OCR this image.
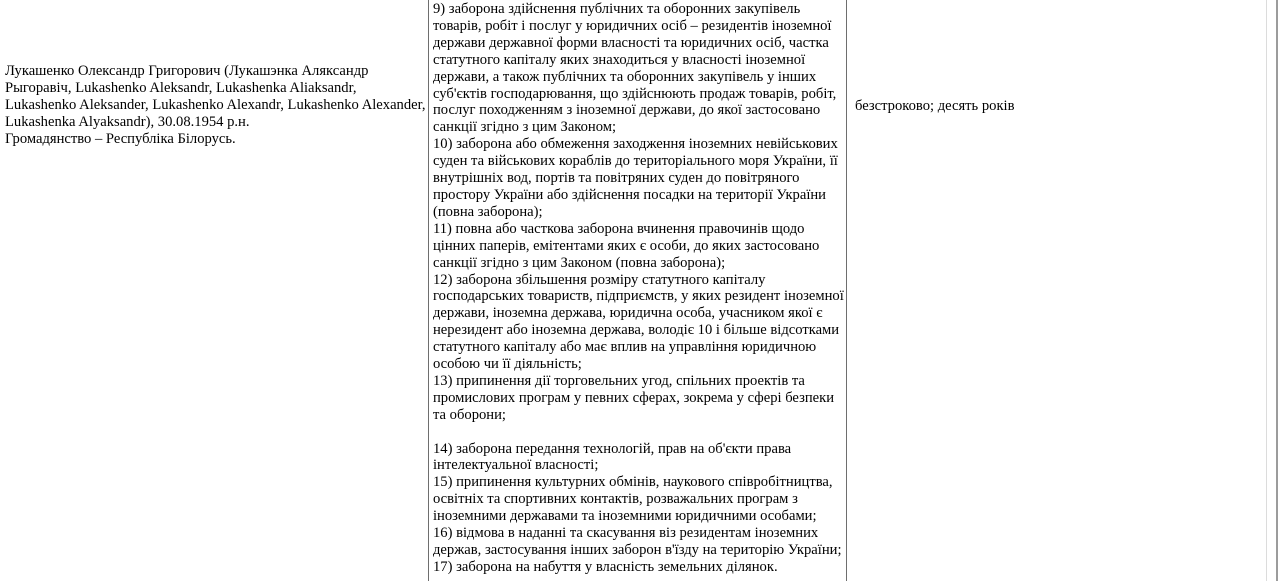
Лукашенко Олександр Григорович (Лукашэнка Аляксандр Рыгоравіч, Lukashenko Aleksandr, Lukashenka Aliaksandr, Lukashenko Aleksander, Lukashenko Alexandr, Lukashenko Alexander, Lukashenka Alyaksandr), 30.08.1954 р.н.
Громадянство – Республіка Білорусь.
9) заборона здійснення публічних та оборонних закупівель товарів, робіт і послуг у юридичних осіб – резидентів іноземної держави державної форми власності та юридичних осіб, частка статутного капіталу яких знаходиться у власності іноземної держави, а також публічних та оборонних закупівель у інших суб'єктів господарювання, що здійснюють продаж товарів, робіт, послуг походженням з іноземної держави, до якої застосовано санкції згідно з цим Законом;
10) заборона або обмеження заходження іноземних невійськових суден та військових кораблів до територіального моря України, її внутрішніх вод, портів та повітряних суден до повітряного простору України або здійснення посадки на території України (повна заборона);
11) повна або часткова заборона вчинення правочинів щодо цінних паперів, емітентами яких є особи, до яких застосовано санкції згідно з цим Законом (повна заборона);
12) заборона збільшення розміру статутного капіталу господарських товариств, підприємств, у яких резидент іноземної держави, іноземна держава, юридична особа, учасником якої є нерезидент або іноземна держава, володіє 10 і більше відсотками статутного капіталу або має вплив на управління юридичною особою чи її діяльність;
13) припинення дії торговельних угод, спільних проектів та промислових програм у певних сферах, зокрема у сфері безпеки та оборони;
14) заборона передання технологій, прав на об'єкти права інтелектуальної власності;
15) припинення культурних обмінів, наукового співробітництва, освітніх та спортивних контактів, розважальних програм з іноземними державами та іноземними юридичними особами;
16) відмова в наданні та скасування віз резидентам іноземних держав, застосування інших заборон в'їзду на територію України;
17) заборона на набуття у власність земельних ділянок.
безстроково; десять років
